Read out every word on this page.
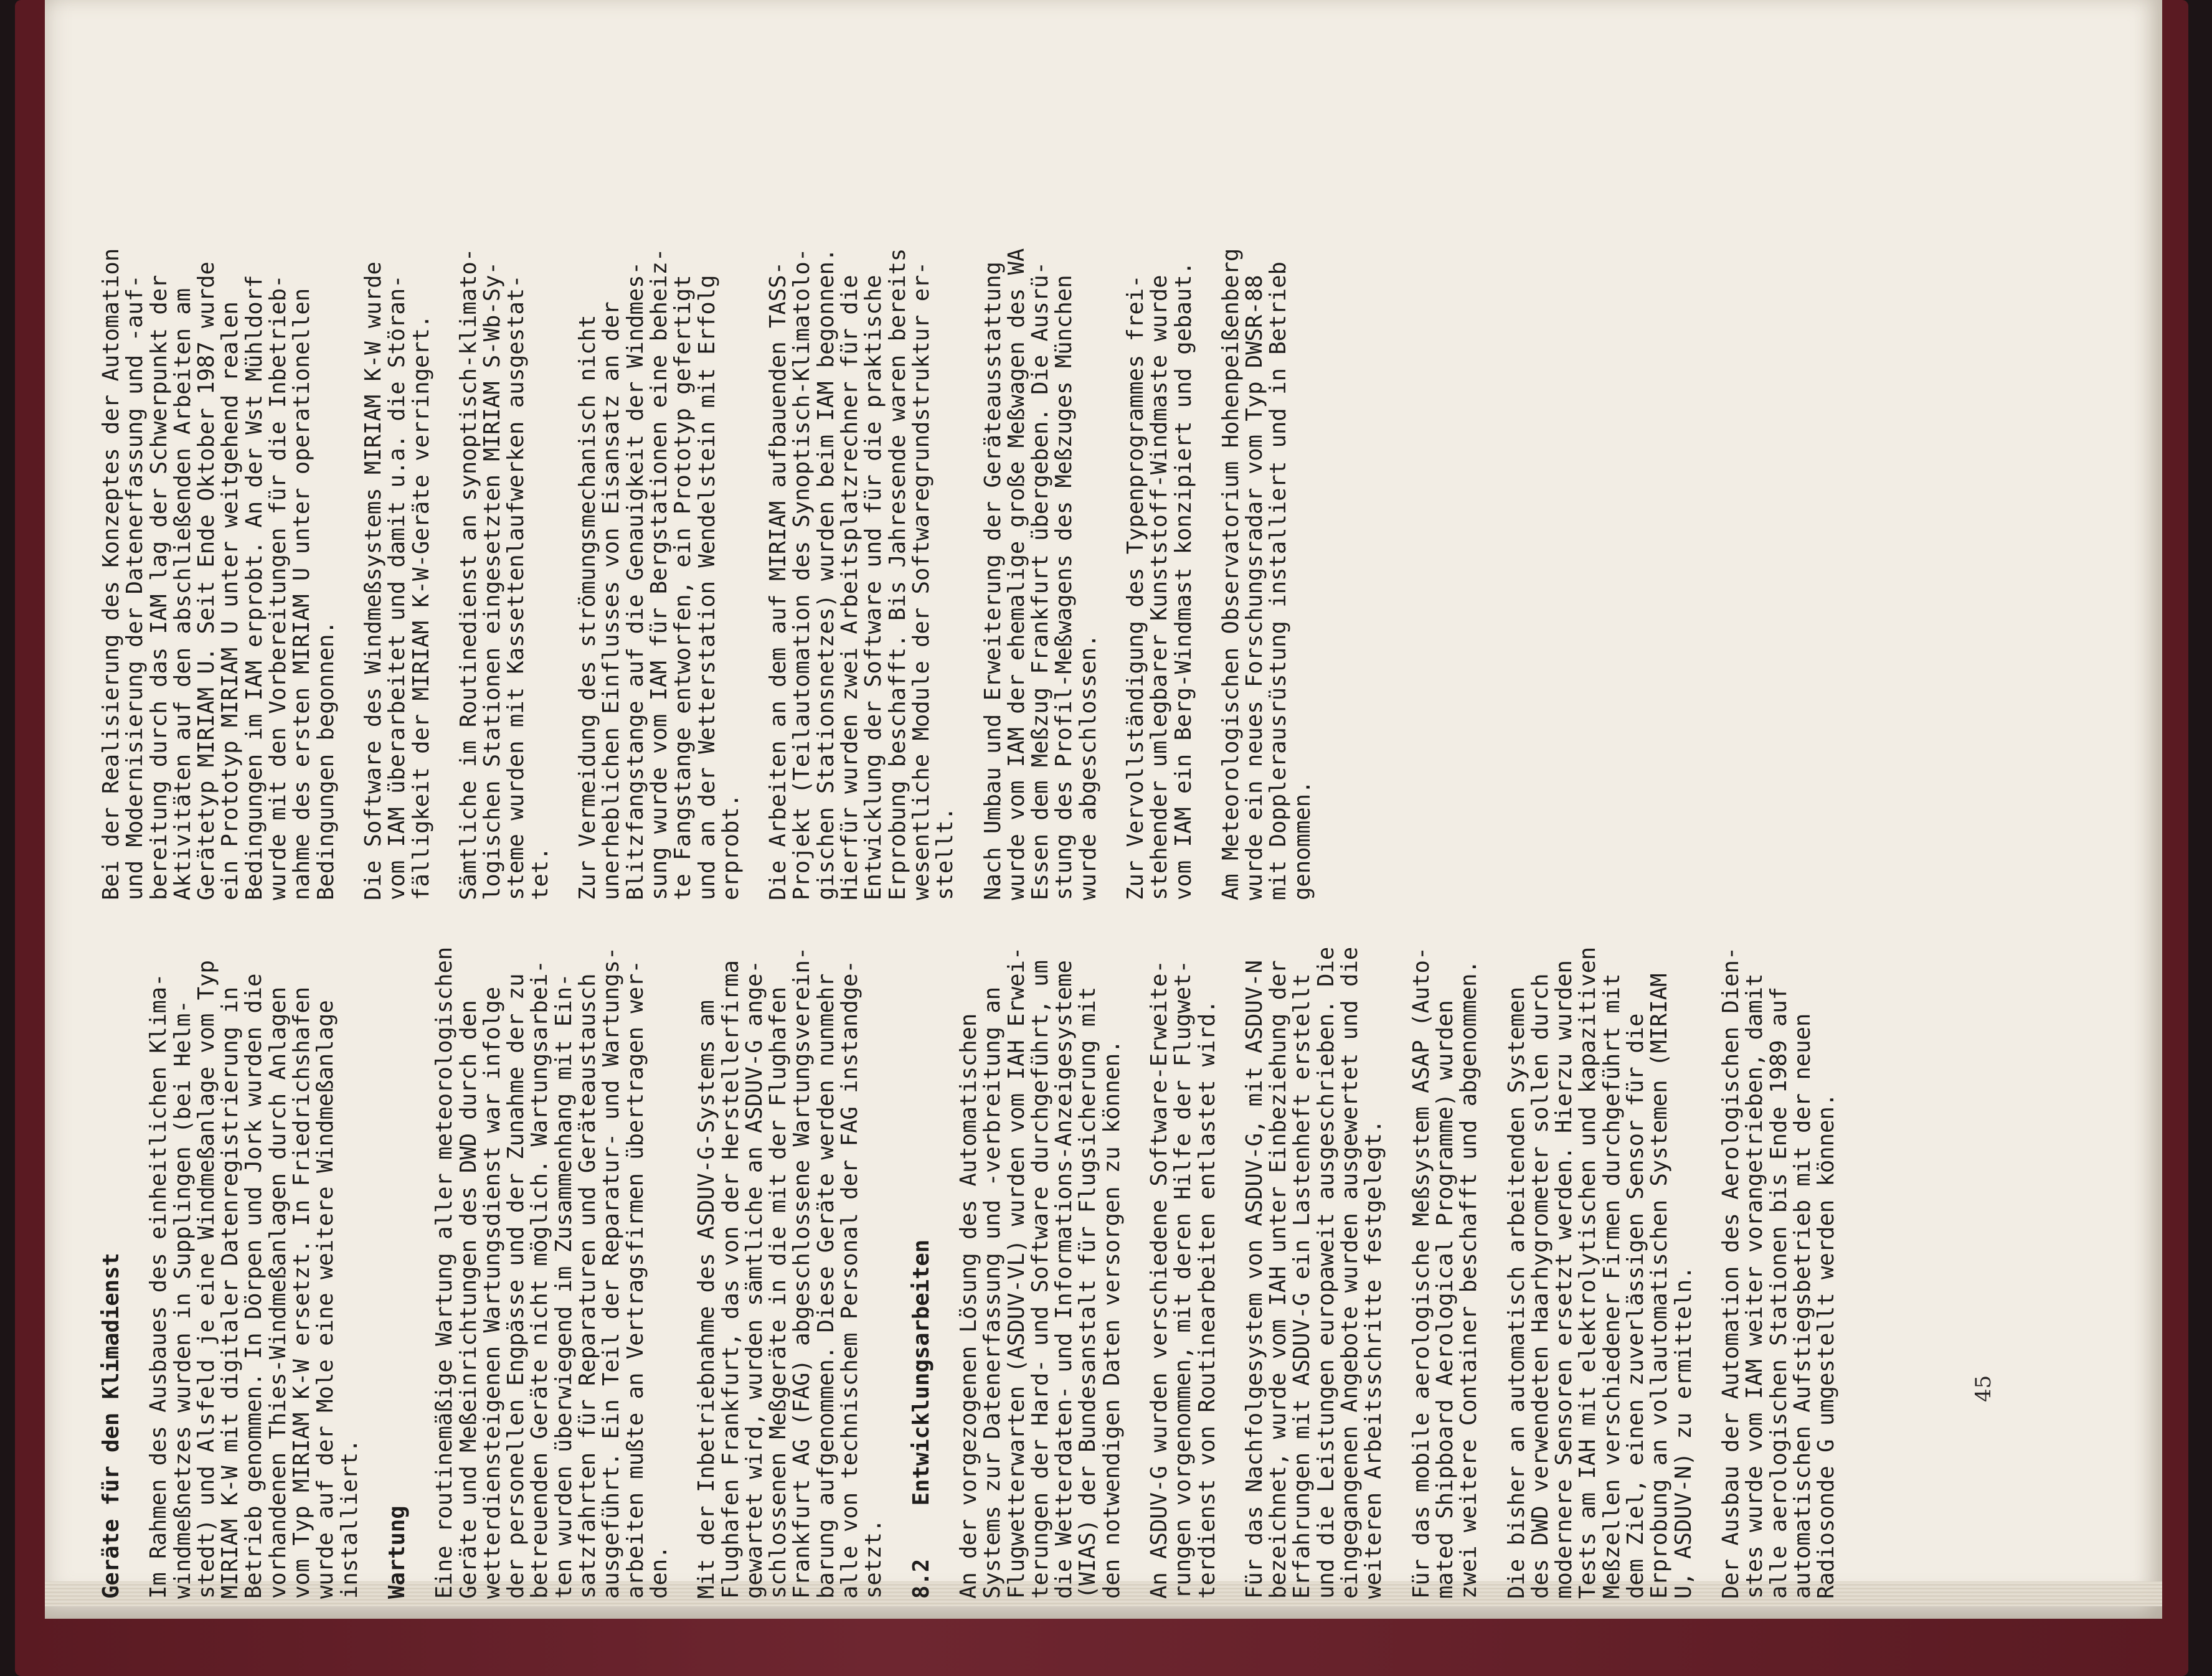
Geräte für den Klimadienst Im Rahmen des Ausbaues des einheitlichen Klima-

windmeßnetzes wurden in Supplingen (bei Helm-

stedt) und Alsfeld je eine Windmeßanlage vom Typ

MIRIAM K-W mit digitaler Datenregistrierung in

Betrieb genommen. In Dörpen und Jork wurden die

vorhandenen Thies-Windmeßanlagen durch Anlagen

vom Typ MIRIAM K-W ersetzt. In Friedrichshafen

wurde auf der Mole eine weitere Windmeßanlage

installiert. Wartung Eine routinemäßige Wartung aller meteorologischen

Geräte und Meßeinrichtungen des DWD durch den

wetterdiensteigenen Wartungsdienst war infolge

der personellen Engpässe und der Zunahme der zu

betreuenden Geräte nicht möglich. Wartungsarbei-

ten wurden überwiegend im Zusammenhang mit Ein-

satzfahrten für Reparaturen und Geräteaustausch

ausgeführt. Ein Teil der Reparatur- und Wartungs-

arbeiten mußte an Vertragsfirmen übertragen wer-

den. Mit der Inbetriebnahme des ASDUV-G-Systems am

Flughafen Frankfurt, das von der Herstellerfirma

gewartet wird, wurden sämtliche an ASDUV-G ange-

schlossenen Meßgeräte in die mit der Flughafen

Frankfurt AG (FAG) abgeschlossene Wartungsverein-

barung aufgenommen. Diese Geräte werden nunmehr

alle von technischem Personal der FAG instandge-

setzt. 8.2    Entwicklungsarbeiten An der vorgezogenen Lösung des Automatischen

Systems zur Datenerfassung und -verbreitung an

Flugwetterwarten (ASDUV-VL) wurden vom IAH Erwei-

terungen der Hard- und Software durchgeführt, um

die Wetterdaten- und Informations-Anzeigesysteme

(WIAS) der Bundesanstalt für Flugsicherung mit

den notwendigen Daten versorgen zu können. An ASDUV-G wurden verschiedene Software-Erweite-

rungen vorgenommen, mit deren Hilfe der Flugwet-

terdienst von Routinearbeiten entlastet wird. Für das Nachfolgesystem von ASDUV-G, mit ASDUV-N

bezeichnet, wurde vom IAH unter Einbeziehung der

Erfahrungen mit ASDUV-G ein Lastenheft erstellt

und die Leistungen europaweit ausgeschrieben. Die

eingegangenen Angebote wurden ausgewertet und die

weiteren Arbeitsschritte festgelegt. Für das mobile aerologische Meßsystem ASAP (Auto-

mated Shipboard Aerological Programme) wurden

zwei weitere Container beschafft und abgenommen. Die bisher an automatisch arbeitenden Systemen

des DWD verwendeten Haarhygrometer sollen durch

modernere Sensoren ersetzt werden. Hierzu wurden

Tests am IAH mit elektrolytischen und kapazitiven

Meßzellen verschiedener Firmen durchgeführt mit

dem Ziel, einen zuverlässigen Sensor für die

Erprobung an vollautomatischen Systemen (MIRIAM

U, ASDUV-N) zu ermitteln. Der Ausbau der Automation des Aerologischen Dien-

stes wurde vom IAM weiter vorangetrieben, damit

alle aerologischen Stationen bis Ende 1989 auf

automatischen Aufstiegsbetrieb mit der neuen

Radiosonde G umgestellt werden können.

Bei der Realisierung des Konzeptes der Automation

und Modernisierung der Datenerfassung und -auf-

bereitung durch das IAM lag der Schwerpunkt der

Aktivitäten auf den abschließenden Arbeiten am

Gerätetyp MIRIAM U. Seit Ende Oktober 1987 wurde

ein Prototyp MIRIAM U unter weitgehend realen

Bedingungen im IAM erprobt. An der Wst Mühldorf

wurde mit den Vorbereitungen für die Inbetrieb-

nahme des ersten MIRIAM U unter operationellen

Bedingungen begonnen. Die Software des Windmeßsystems MIRIAM K-W wurde

vom IAM überarbeitet und damit u.a. die Störan-

fälligkeit der MIRIAM K-W-Geräte verringert. Sämtliche im Routinedienst an synoptisch-klimato-

logischen Stationen eingesetzten MIRIAM S-Wb-Sy-

steme wurden mit Kassettenlaufwerken ausgestat-

tet. Zur Vermeidung des strömungsmechanisch nicht

unerheblichen Einflusses von Eisansatz an der

Blitzfangstange auf die Genauigkeit der Windmes-

sung wurde vom IAM für Bergstationen eine beheiz-

te Fangstange entworfen, ein Prototyp gefertigt

und an der Wetterstation Wendelstein mit Erfolg

erprobt. Die Arbeiten an dem auf MIRIAM aufbauenden TASS-

Projekt (Teilautomation des Synoptisch-Klimatolo-

gischen Stationsnetzes) wurden beim IAM begonnen.

Hierfür wurden zwei Arbeitsplatzrechner für die

Entwicklung der Software und für die praktische

Erprobung beschafft. Bis Jahresende waren bereits

wesentliche Module der Softwaregrundstruktur er-

stellt. Nach Umbau und Erweiterung der Geräteausstattung

wurde vom IAM der ehemalige große Meßwagen des WA

Essen dem Meßzug Frankfurt übergeben. Die Ausrü-

stung des Profil-Meßwagens des Meßzuges München

wurde abgeschlossen. Zur Vervollständigung des Typenprogrammes frei-

stehender umlegbarer Kunststoff-Windmaste wurde

vom IAM ein Berg-Windmast konzipiert und gebaut. Am Meteorologischen Observatorium Hohenpeißenberg

wurde ein neues Forschungsradar vom Typ DWSR-88

mit Dopplerausrüstung installiert und in Betrieb

genommen.

45
